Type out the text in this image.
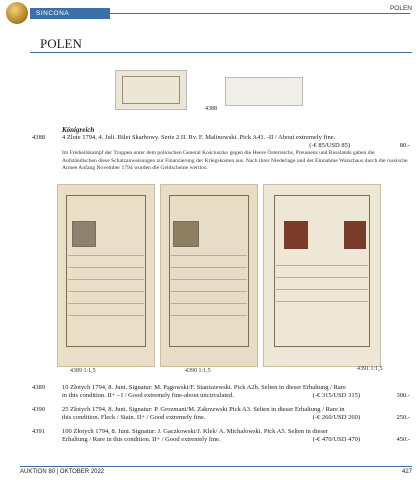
SINCONA
POLEN
POLEN
4388
Königreich
4388	4 Zlote 1794, 4. Juli. Bilet Skarbowy. Serie 2 II. Rv. F. Malinowski. Pick A41. -II / About extremely fine.
(-€ 85/USD 85)	80.-
Im Freiheitskampf der Truppen unter dem polnischen General Kościuszko gegen die Heere Österreichs, Preussens und Russlands gaben die Aufständischen diese Schatzanweisungen zur Finanzierung der Kriegskosten aus. Nach ihrer Niederlage und der Einnahme Warschaus durch die russische Armee Anfang November 1794 wurden die Geldscheine wertlos.
4389 1:1,5	4390 1:1,5	4391 1:1,5
4389	10 Złotych 1794, 8. Juni. Signatur: M. Pągowski/F. Staniszewski. Pick A2b. Selten in dieser Erhaltung / Rare
in this condition. II+ - I / Good extremely fine-about uncirculated.	(-€ 315/USD 315)	300.-
4390	25 Złotych 1794, 8. Juni. Signatur: P. Grozmani/M. Zakrzewski Pick A3. Selten in dieser Erhaltung / Rare in
this condition. Fleck / Stain. II+ / Good extremely fine.	(-€ 260/USD 260)	250.-
4391	100 Złotych 1794, 8. Juni. Signatur: J. Gaczkowski/J. Klek/ A. Michalowski. Pick A5. Selten in dieser
Erhaltung / Rare in this condition. II+ / Good extremely fine.	(-€ 470/USD 470)	450.-
AUKTION 80 | OKTOBER 2022	427
